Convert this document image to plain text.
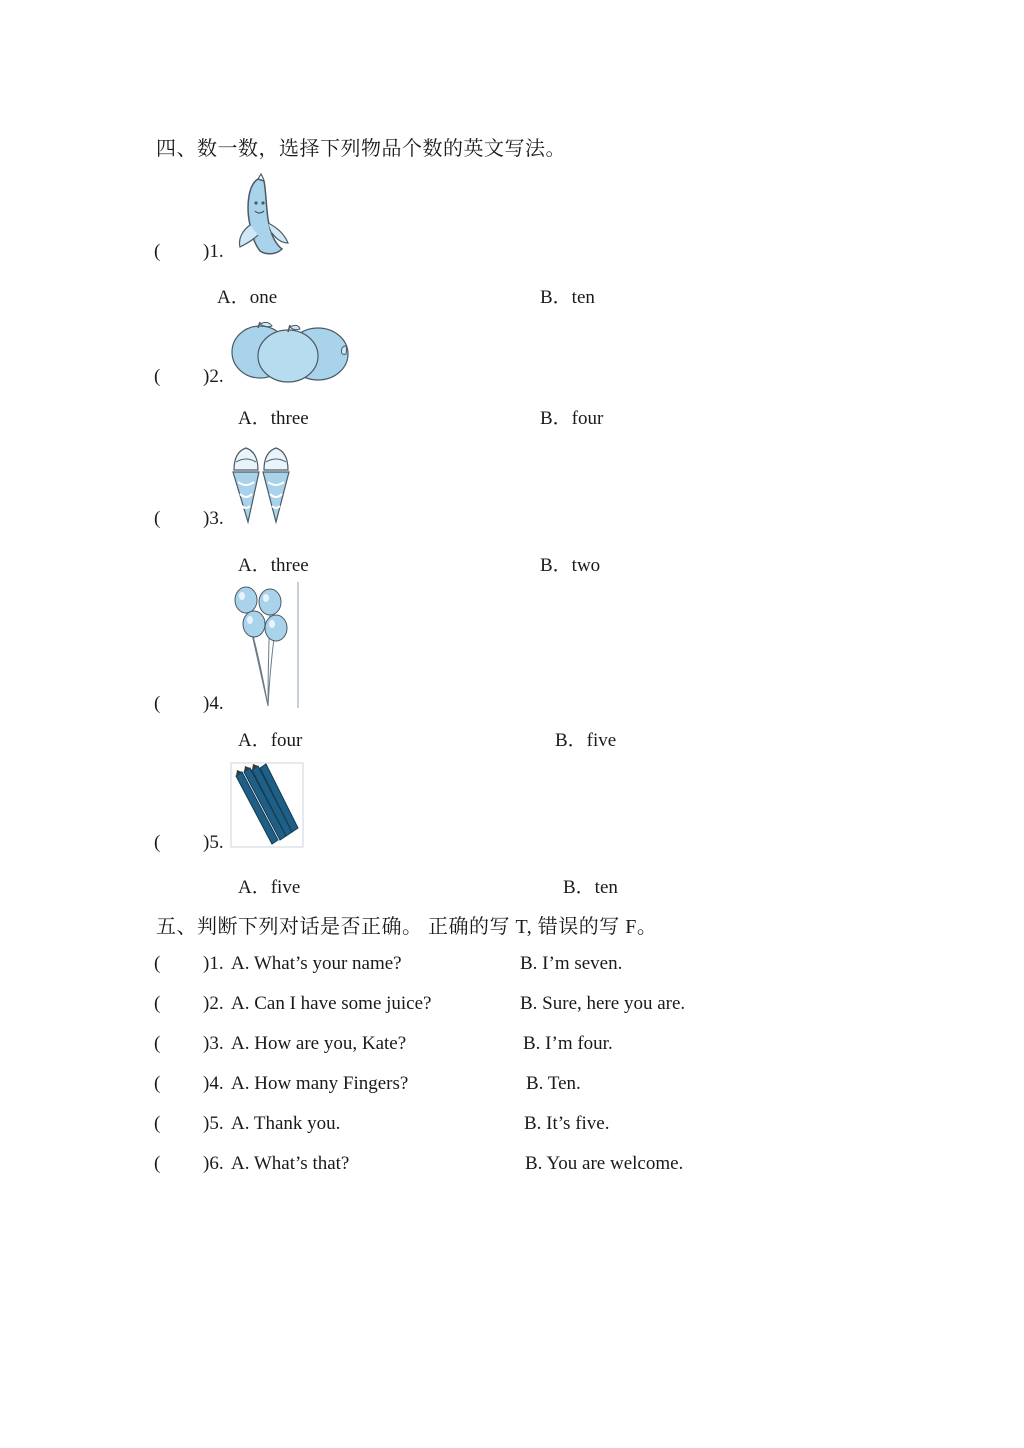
四、数一数，选择下列物品个数的英文写法。
( )1.
A．one	B．ten
( )2.
A．three	B．four
( )3.
A．three	B．two
( )4.
A．four	B．five
( )5.
A．five	B．ten
五、判断下列对话是否正确。 正确的写 T, 错误的写 F。
( )1. A. What’s your name?	B. I’m seven.
( )2. A. Can I have some juice?	B. Sure, here you are.
( )3. A. How are you, Kate?	B. I’m four.
( )4. A. How many Fingers?	B. Ten.
( )5. A. Thank you.	B. It’s five.
( )6. A. What’s that?	B. You are welcome.
